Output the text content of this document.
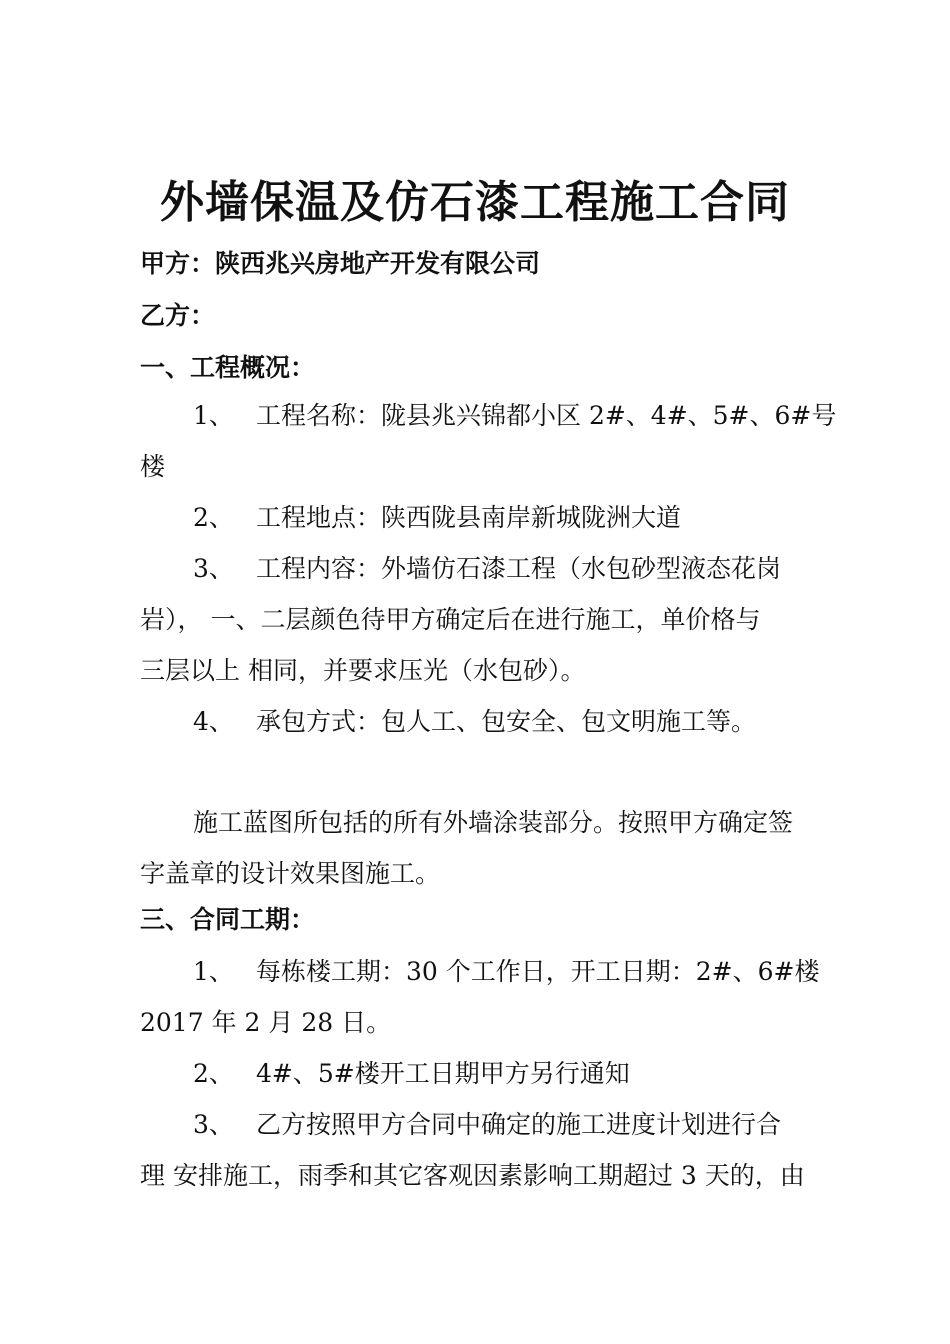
外墙保温及仿石漆工程施工合同
甲方：陕西兆兴房地产开发有限公司
乙方：
一、工程概况：
1、 工程名称：陇县兆兴锦都小区 2#、4#、5#、6#号
楼
2、 工程地点：陕西陇县南岸新城陇洲大道
3、 工程内容：外墙仿石漆工程（水包砂型液态花岗
岩）， 一、二层颜色待甲方确定后在进行施工，单价格与
三层以上 相同，并要求压光（水包砂）。
4、 承包方式：包人工、包安全、包文明施工等。
施工蓝图所包括的所有外墙涂装部分。按照甲方确定签
字盖章的设计效果图施工。
三、合同工期：
1、 每栋楼工期：30 个工作日，开工日期：2#、6#楼
2017 年 2 月 28 日。
2、 4#、5#楼开工日期甲方另行通知
3、 乙方按照甲方合同中确定的施工进度计划进行合
理 安排施工，雨季和其它客观因素影响工期超过 3 天的，由
